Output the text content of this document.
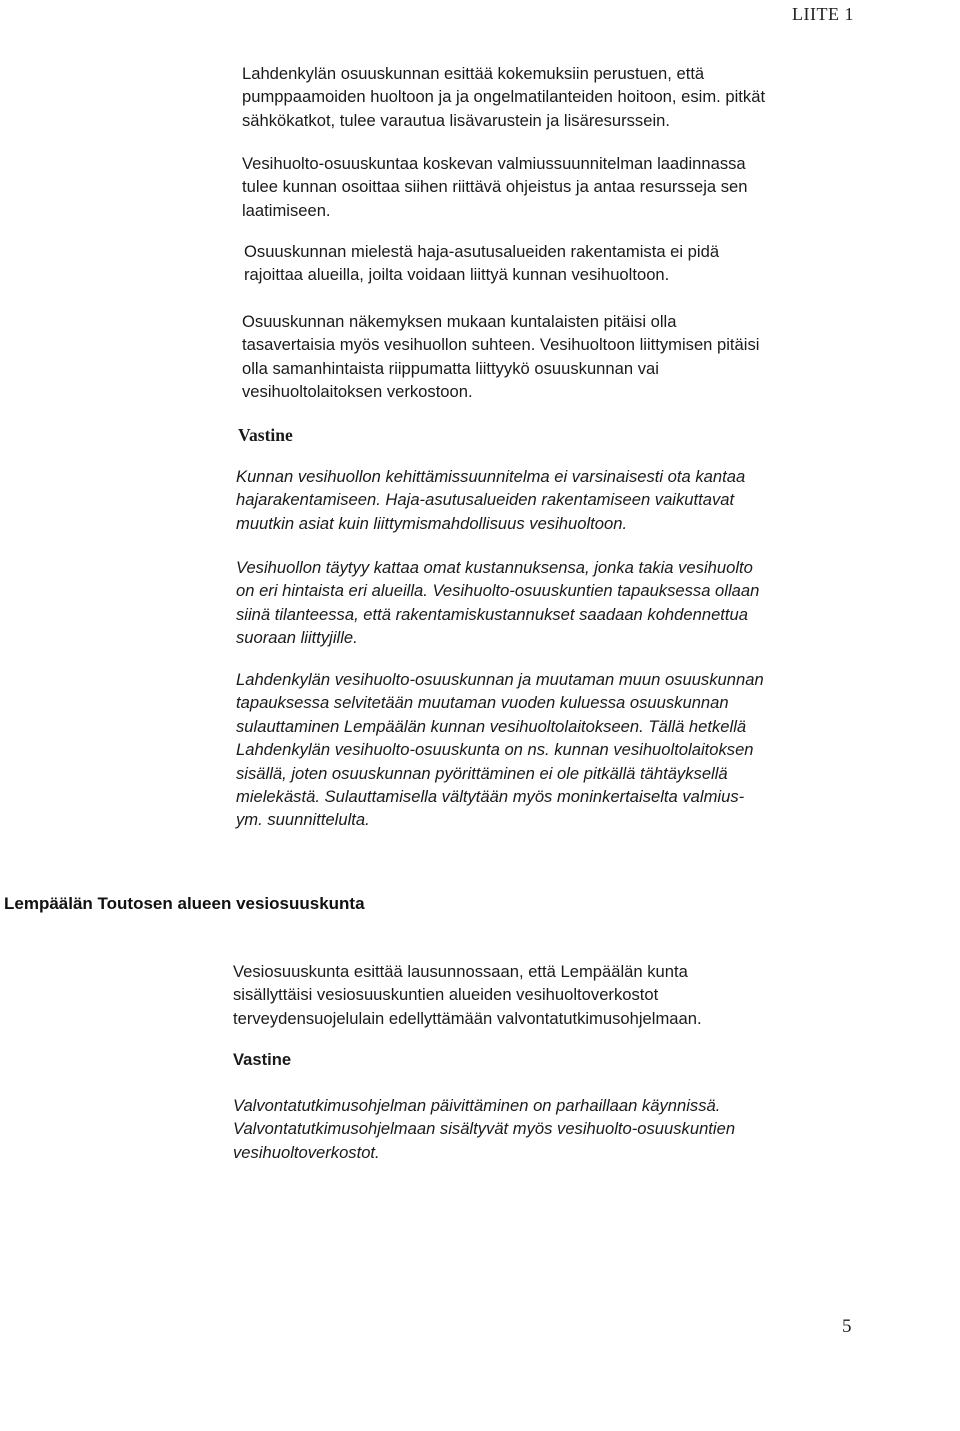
LIITE 1

Lahdenkylän osuuskunnan esittää kokemuksiin perustuen, että
pumppaamoiden huoltoon ja ja ongelmatilanteiden hoitoon, esim. pitkät
sähkökatkot, tulee varautua lisävarustein ja lisäresurssein.

Vesihuolto-osuuskuntaa koskevan valmiussuunnitelman laadinnassa
tulee kunnan osoittaa siihen riittävä ohjeistus ja antaa resursseja sen
laatimiseen.

Osuuskunnan mielestä haja-asutusalueiden rakentamista ei pidä
rajoittaa alueilla, joilta voidaan liittyä kunnan vesihuoltoon.

Osuuskunnan näkemyksen mukaan kuntalaisten pitäisi olla
tasavertaisia myös vesihuollon suhteen. Vesihuoltoon liittymisen pitäisi
olla samanhintaista riippumatta liittyykö osuuskunnan vai
vesihuoltolaitoksen verkostoon.

Vastine

Kunnan vesihuollon kehittämissuunnitelma ei varsinaisesti ota kantaa
hajarakentamiseen. Haja-asutusalueiden rakentamiseen vaikuttavat
muutkin asiat kuin liittymismahdollisuus vesihuoltoon.

Vesihuollon täytyy kattaa omat kustannuksensa, jonka takia vesihuolto
on eri hintaista eri alueilla. Vesihuolto-osuuskuntien tapauksessa ollaan
siinä tilanteessa, että rakentamiskustannukset saadaan kohdennettua
suoraan liittyjille.

Lahdenkylän vesihuolto-osuuskunnan ja muutaman muun osuuskunnan
tapauksessa selvitetään muutaman vuoden kuluessa osuuskunnan
sulauttaminen Lempäälän kunnan vesihuoltolaitokseen. Tällä hetkellä
Lahdenkylän vesihuolto-osuuskunta on ns. kunnan vesihuoltolaitoksen
sisällä, joten osuuskunnan pyörittäminen ei ole pitkällä tähtäyksellä
mielekästä. Sulauttamisella vältytään myös moninkertaiselta valmius-
ym. suunnittelulta.

Lempäälän Toutosen alueen vesiosuuskunta

Vesiosuuskunta esittää lausunnossaan, että Lempäälän kunta
sisällyttäisi vesiosuuskuntien alueiden vesihuoltoverkostot
terveydensuojelulain edellyttämään valvontatutkimusohjelmaan.

Vastine

Valvontatutkimusohjelman päivittäminen on parhaillaan käynnissä.
Valvontatutkimusohjelmaan sisältyvät myös vesihuolto-osuuskuntien
vesihuoltoverkostot.

5
